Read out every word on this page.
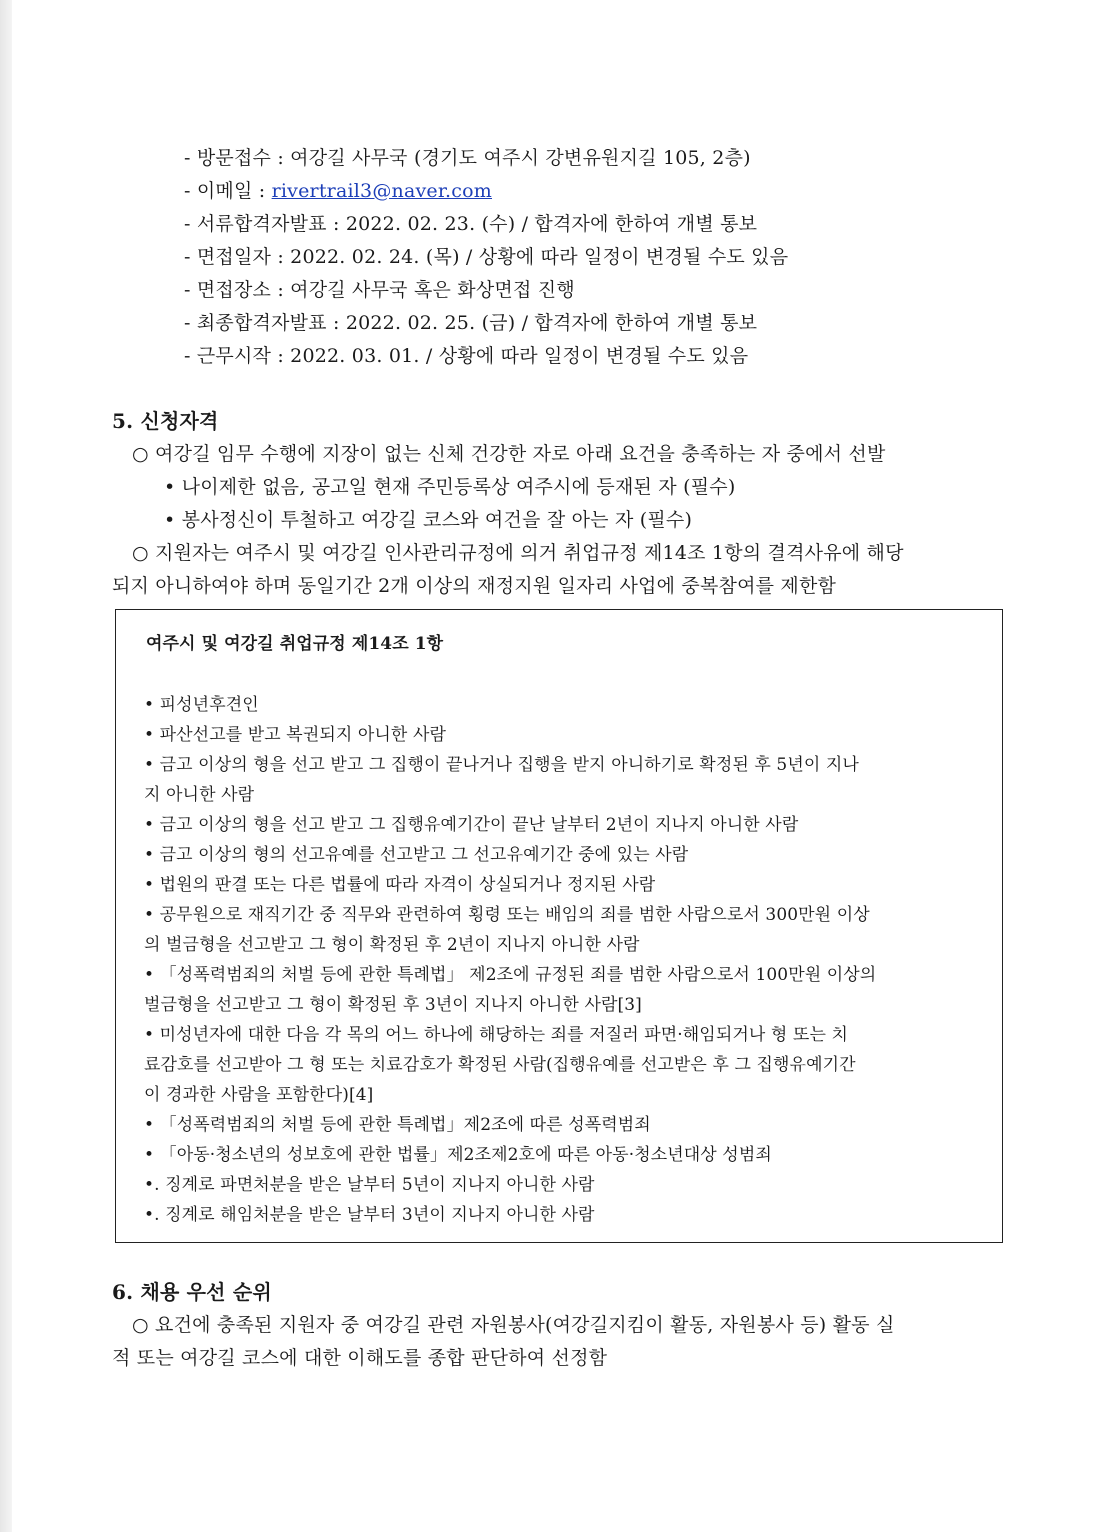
- 방문접수 : 여강길 사무국 (경기도 여주시 강변유원지길 105, 2층)
- 이메일 : rivertrail3@naver.com
- 서류합격자발표 : 2022. 02. 23. (수) / 합격자에 한하여 개별 통보
- 면접일자 : 2022. 02. 24. (목) / 상황에 따라 일정이 변경될 수도 있음
- 면접장소 : 여강길 사무국 혹은 화상면접 진행
- 최종합격자발표 : 2022. 02. 25. (금) / 합격자에 한하여 개별 통보
- 근무시작 : 2022. 03. 01. / 상황에 따라 일정이 변경될 수도 있음
5. 신청자격
○ 여강길 임무 수행에 지장이 없는 신체 건강한 자로 아래 요건을 충족하는 자 중에서 선발
• 나이제한 없음, 공고일 현재 주민등록상 여주시에 등재된 자 (필수)
• 봉사정신이 투철하고 여강길 코스와 여건을 잘 아는 자 (필수)
○ 지원자는 여주시 및 여강길 인사관리규정에 의거 취업규정 제14조 1항의 결격사유에 해당
되지 아니하여야 하며 동일기간 2개 이상의 재정지원 일자리 사업에 중복참여를 제한함
여주시 및 여강길 취업규정 제14조 1항
• 피성년후견인
• 파산선고를 받고 복권되지 아니한 사람
• 금고 이상의 형을 선고 받고 그 집행이 끝나거나 집행을 받지 아니하기로 확정된 후 5년이 지나
지 아니한 사람
• 금고 이상의 형을 선고 받고 그 집행유예기간이 끝난 날부터 2년이 지나지 아니한 사람
• 금고 이상의 형의 선고유예를 선고받고 그 선고유예기간 중에 있는 사람
• 법원의 판결 또는 다른 법률에 따라 자격이 상실되거나 정지된 사람
• 공무원으로 재직기간 중 직무와 관련하여 횡령 또는 배임의 죄를 범한 사람으로서 300만원 이상
의 벌금형을 선고받고 그 형이 확정된 후 2년이 지나지 아니한 사람
• 「성폭력범죄의 처벌 등에 관한 특례법」 제2조에 규정된 죄를 범한 사람으로서 100만원 이상의
벌금형을 선고받고 그 형이 확정된 후 3년이 지나지 아니한 사람[3]
• 미성년자에 대한 다음 각 목의 어느 하나에 해당하는 죄를 저질러 파면·해임되거나 형 또는 치
료감호를 선고받아 그 형 또는 치료감호가 확정된 사람(집행유예를 선고받은 후 그 집행유예기간
이 경과한 사람을 포함한다)[4]
• 「성폭력범죄의 처벌 등에 관한 특례법」제2조에 따른 성폭력범죄
• 「아동·청소년의 성보호에 관한 법률」제2조제2호에 따른 아동·청소년대상 성범죄
•. 징계로 파면처분을 받은 날부터 5년이 지나지 아니한 사람
•. 징계로 해임처분을 받은 날부터 3년이 지나지 아니한 사람
6. 채용 우선 순위
○ 요건에 충족된 지원자 중 여강길 관련 자원봉사(여강길지킴이 활동, 자원봉사 등) 활동 실
적 또는 여강길 코스에 대한 이해도를 종합 판단하여 선정함
